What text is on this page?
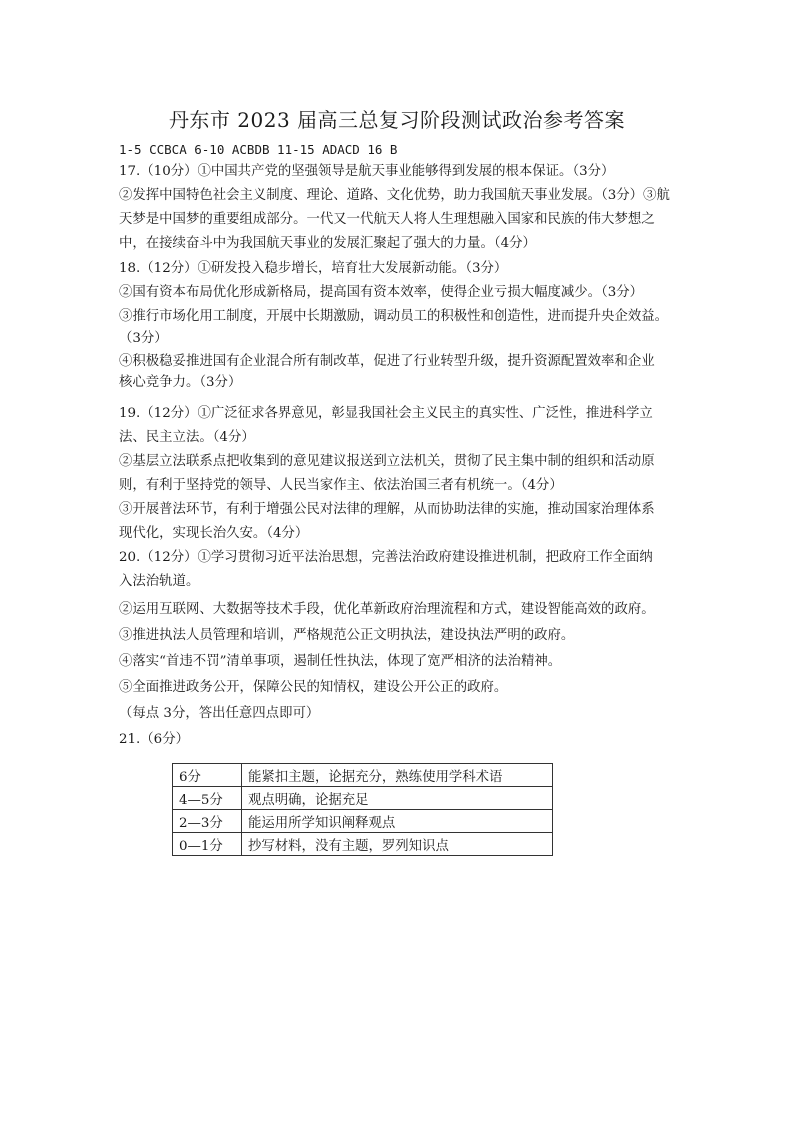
丹东市 2023 届高三总复习阶段测试政治参考答案
1-5 CCBCA 6-10 ACBDB 11-15 ADACD 16 B
17.（10分）①中国共产党的坚强领导是航天事业能够得到发展的根本保证。（3分）
②发挥中国特色社会主义制度、理论、道路、文化优势，助力我国航天事业发展。（3分）③航
天梦是中国梦的重要组成部分。一代又一代航天人将人生理想融入国家和民族的伟大梦想之
中，在接续奋斗中为我国航天事业的发展汇聚起了强大的力量。（4分）
18.（12分）①研发投入稳步增长，培育壮大发展新动能。（3分）
②国有资本布局优化形成新格局，提高国有资本效率，使得企业亏损大幅度减少。（3分）
③推行市场化用工制度，开展中长期激励，调动员工的积极性和创造性，进而提升央企效益。
（3分）
④积极稳妥推进国有企业混合所有制改革，促进了行业转型升级，提升资源配置效率和企业
核心竞争力。（3分）
19.（12分）①广泛征求各界意见，彰显我国社会主义民主的真实性、广泛性，推进科学立
法、民主立法。（4分）
②基层立法联系点把收集到的意见建议报送到立法机关，贯彻了民主集中制的组织和活动原
则，有利于坚持党的领导、人民当家作主、依法治国三者有机统一。（4分）
③开展普法环节，有利于增强公民对法律的理解，从而协助法律的实施，推动国家治理体系
现代化，实现长治久安。（4分）
20.（12分）①学习贯彻习近平法治思想，完善法治政府建设推进机制，把政府工作全面纳
入法治轨道。
②运用互联网、大数据等技术手段，优化革新政府治理流程和方式，建设智能高效的政府。
③推进执法人员管理和培训，严格规范公正文明执法，建设执法严明的政府。
④落实“首违不罚”清单事项，遏制任性执法，体现了宽严相济的法治精神。
⑤全面推进政务公开，保障公民的知情权，建设公开公正的政府。
（每点 3分，答出任意四点即可）
21.（6分）
6分	能紧扣主题，论据充分，熟练使用学科术语
4—5分	观点明确，论据充足
2—3分	能运用所学知识阐释观点
0—1分	抄写材料，没有主题，罗列知识点
